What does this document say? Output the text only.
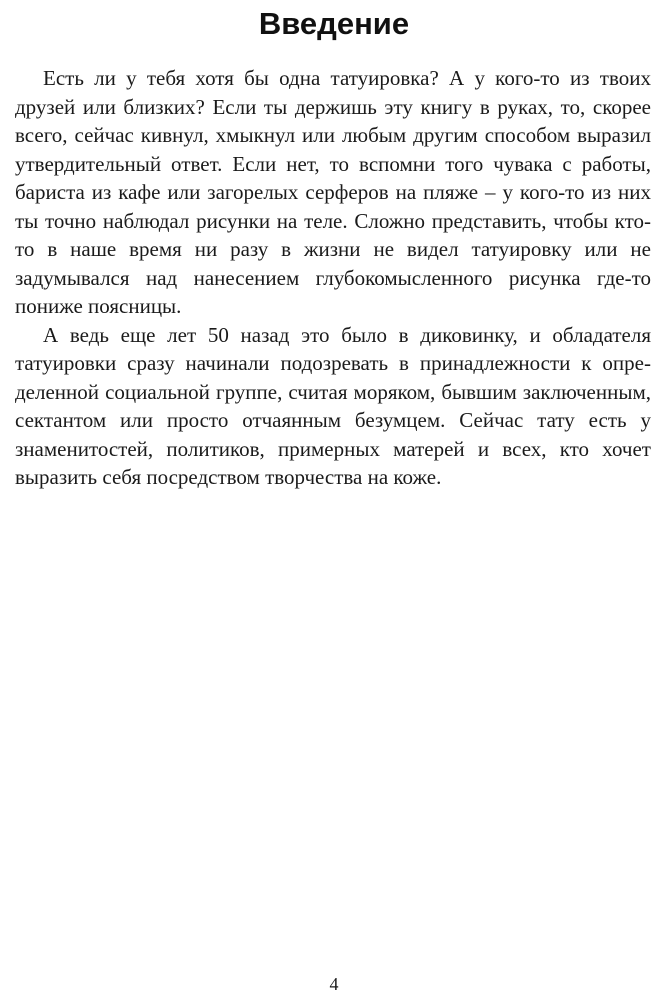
Введение

Есть ли у тебя хотя бы одна татуировка? А у кого-то из твоих друзей или близких? Если ты держишь эту книгу в руках, то, скорее всего, сейчас кивнул, хмыкнул или любым другим способом выразил утвердительный ответ. Если нет, то вспомни того чувака с работы, бариста из кафе или загорелых серферов на пляже – у кого-то из них ты точно наблюдал рисунки на теле. Сложно представить, чтобы кто-то в наше время ни разу в жизни не видел татуировку или не задумывался над нанесением глубокомысленного рисунка где-то пониже поясницы.

А ведь еще лет 50 назад это было в диковинку, и обладателя татуировки сразу начинали подозревать в принадлежности к определенной социальной группе, считая моряком, бывшим заключенным, сектантом или просто отчаянным безумцем. Сейчас тату есть у знаменитостей, политиков, примерных матерей и всех, кто хочет выразить себя посредством творчества на коже.

4
